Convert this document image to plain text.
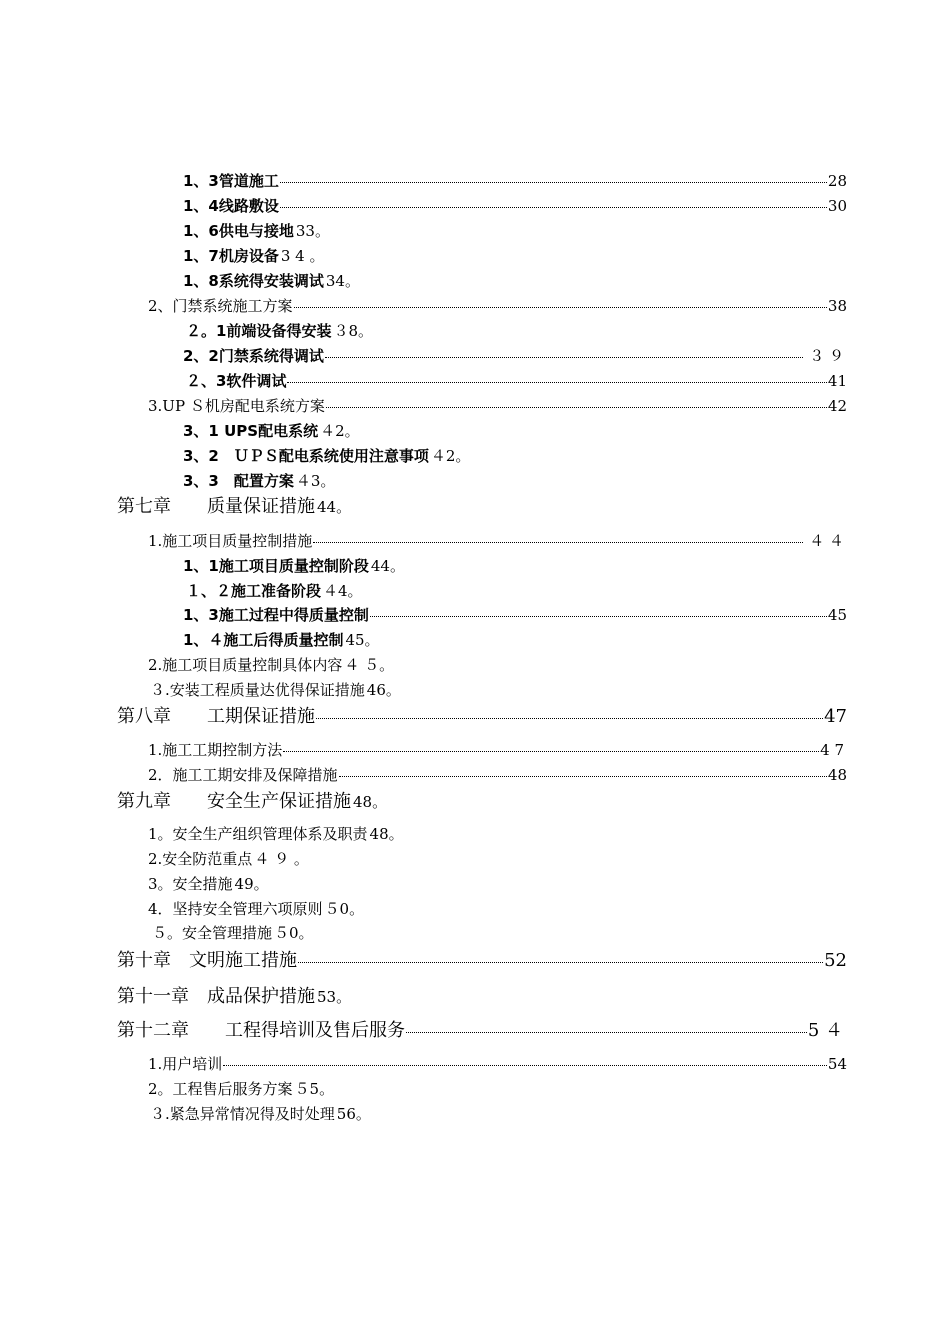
1、3管道施工	28
1、4线路敷设	30
1、6供电与接地 33。
1、7机房设备 3 4 。
1、8系统得安装调试 34。
2、门禁系统施工方案	38
２。1前端设备得安装 ３8。
2、2门禁系统得调试	３ ９
２、3软件调试	41
3.UP Ｓ机房配电系统方案	42
3、1 UPS配电系统 ４2。
3、2　ＵＰＳ配电系统使用注意事项 ４2。
3、3　配置方案 ４3。
第七章　　质量保证措施 44。
1.施工项目质量控制措施	４ ４
1、1施工项目质量控制阶段 44。
１、２施工准备阶段 ４4。
1、3施工过程中得质量控制	45
1、４施工后得质量控制 45。
2.施工项目质量控制具体内容 ４ ５。
３.安装工程质量达优得保证措施 46。
第八章　　工期保证措施	47
1.施工工期控制方法	4 7
2．施工工期安排及保障措施	48
第九章　　安全生产保证措施 48。
1。安全生产组织管理体系及职责 48。
2.安全防范重点 ４ ９ 。
3。安全措施 49。
4．坚持安全管理六项原则 ５0。
５。安全管理措施 ５0。
第十章　文明施工措施	52
第十一章　成品保护措施 53。
第十二章　　工程得培训及售后服务	5 ４
1.用户培训	54
2。工程售后服务方案 ５5。
３.紧急异常情况得及时处理 56。
